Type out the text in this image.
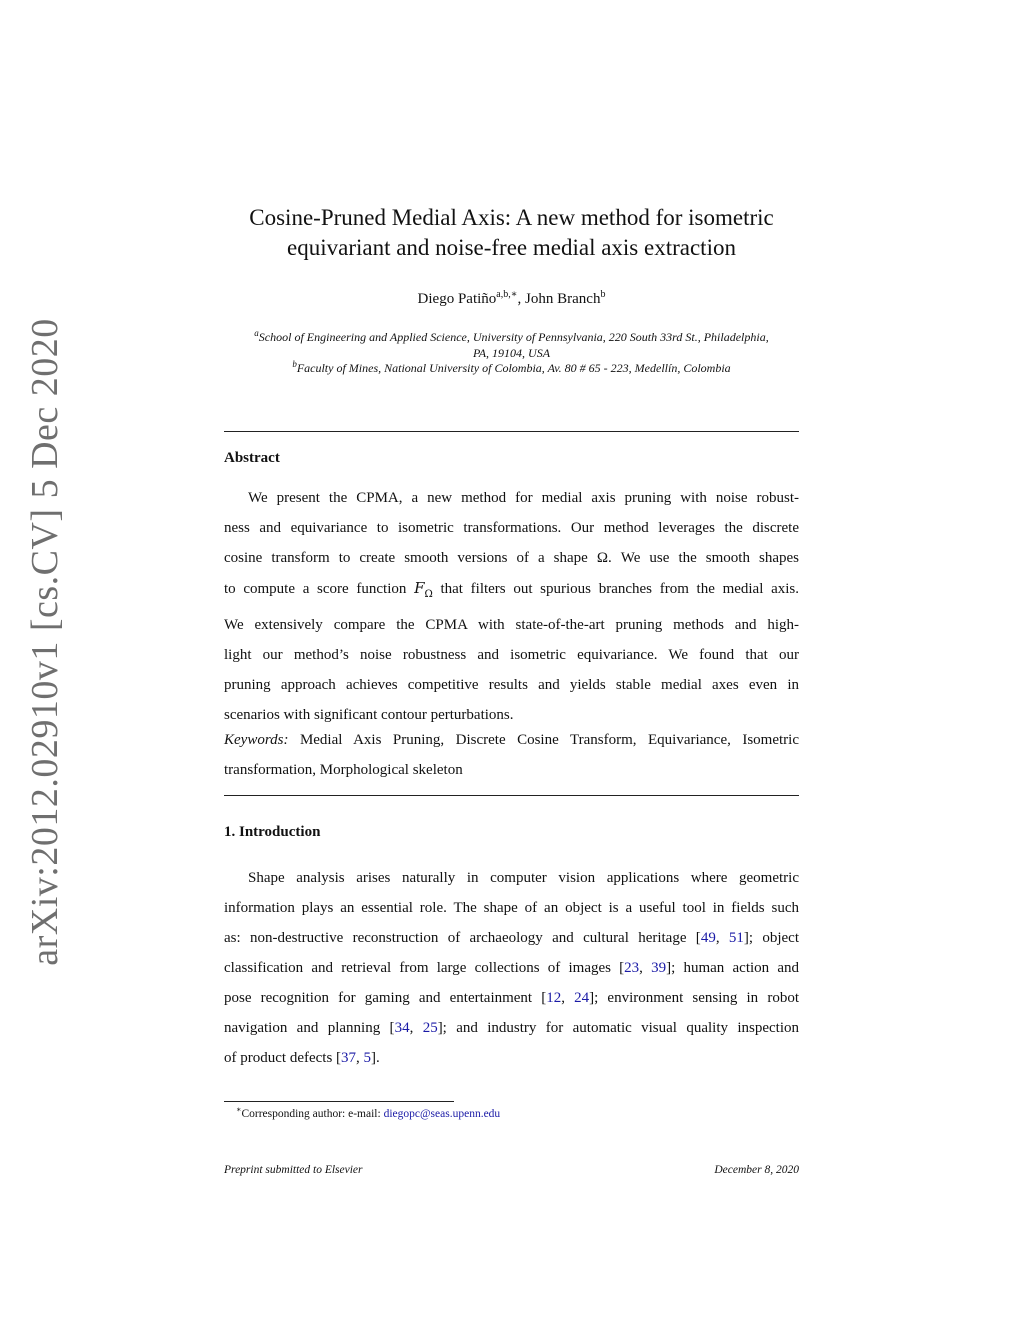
arXiv:2012.02910v1 [cs.CV] 5 Dec 2020
Cosine-Pruned Medial Axis: A new method for isometric
equivariant and noise-free medial axis extraction
Diego Patiño$^{a,b,∗}$, John Branch$^b$
$^a$School of Engineering and Applied Science, University of Pennsylvania, 220 South 33rd St., Philadelphia,
PA, 19104, USA
$^b$Faculty of Mines, National University of Colombia, Av. 80 # 65 - 223, Medellín, Colombia
Abstract
We present the CPMA, a new method for medial axis pruning with noise robust-
ness and equivariance to isometric transformations. Our method leverages the discrete
cosine transform to create smooth versions of a shape Ω. We use the smooth shapes
to compute a score function $F_\Omega$ that filters out spurious branches from the medial axis.
We extensively compare the CPMA with state-of-the-art pruning methods and high-
light our method’s noise robustness and isometric equivariance. We found that our
pruning approach achieves competitive results and yields stable medial axes even in
scenarios with significant contour perturbations.
Keywords: Medial Axis Pruning, Discrete Cosine Transform, Equivariance, Isometric
transformation, Morphological skeleton
1. Introduction
Shape analysis arises naturally in computer vision applications where geometric
information plays an essential role. The shape of an object is a useful tool in fields such
as: non-destructive reconstruction of archaeology and cultural heritage [49, 51]; object
classification and retrieval from large collections of images [23, 39]; human action and
pose recognition for gaming and entertainment [12, 24]; environment sensing in robot
navigation and planning [34, 25]; and industry for automatic visual quality inspection
of product defects [37, 5].
∗Corresponding author: e-mail: diegopc@seas.upenn.edu
Preprint submitted to Elsevier	December 8, 2020
